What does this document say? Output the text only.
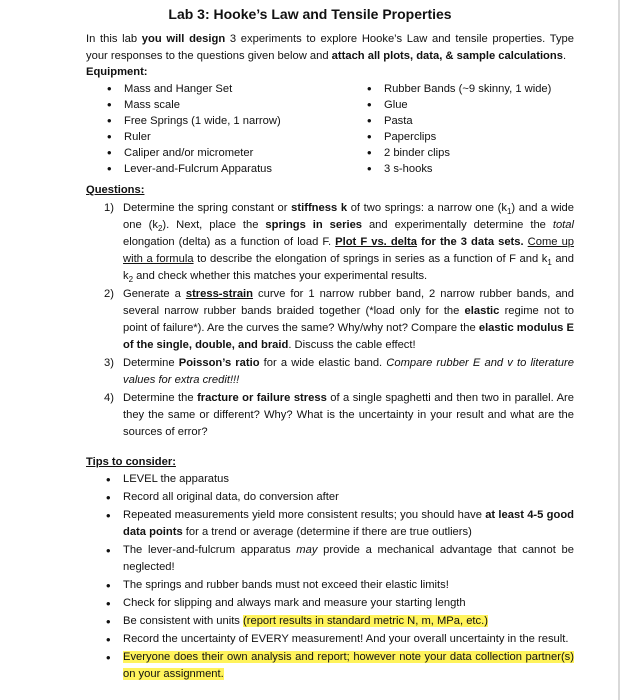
Lab 3: Hooke’s Law and Tensile Properties
In this lab you will design 3 experiments to explore Hooke’s Law and tensile properties. Type your responses to the questions given below and attach all plots, data, & sample calculations.
Equipment:
• Mass and Hanger Set
• Mass scale
• Free Springs (1 wide, 1 narrow)
• Ruler
• Caliper and/or micrometer
• Lever-and-Fulcrum Apparatus
• Rubber Bands (~9 skinny, 1 wide)
• Glue
• Pasta
• Paperclips
• 2 binder clips
• 3 s-hooks
Questions:
1) Determine the spring constant or stiffness k of two springs: a narrow one $(k_1)$ and a wide one $(k_2)$. Next, place the springs in series and experimentally determine the total elongation (delta) as a function of load F. Plot F vs. delta for the 3 data sets. Come up with a formula to describe the elongation of springs in series as a function of F and $k_1$ and $k_2$ and check whether this matches your experimental results.
2) Generate a stress-strain curve for 1 narrow rubber band, 2 narrow rubber bands, and several narrow rubber bands braided together (*load only for the elastic regime not to point of failure*). Are the curves the same? Why/why not? Compare the elastic modulus E of the single, double, and braid. Discuss the cable effect!
3) Determine Poisson’s ratio for a wide elastic band. Compare rubber E and v to literature values for extra credit!!!
4) Determine the fracture or failure stress of a single spaghetti and then two in parallel. Are they the same or different? Why? What is the uncertainty in your result and what are the sources of error?
Tips to consider:
• LEVEL the apparatus
• Record all original data, do conversion after
• Repeated measurements yield more consistent results; you should have at least 4-5 good data points for a trend or average (determine if there are true outliers)
• The lever-and-fulcrum apparatus may provide a mechanical advantage that cannot be neglected!
• The springs and rubber bands must not exceed their elastic limits!
• Check for slipping and always mark and measure your starting length
• Be consistent with units (report results in standard metric N, m, MPa, etc.)
• Record the uncertainty of EVERY measurement! And your overall uncertainty in the result.
• Everyone does their own analysis and report; however note your data collection partner(s) on your assignment.
